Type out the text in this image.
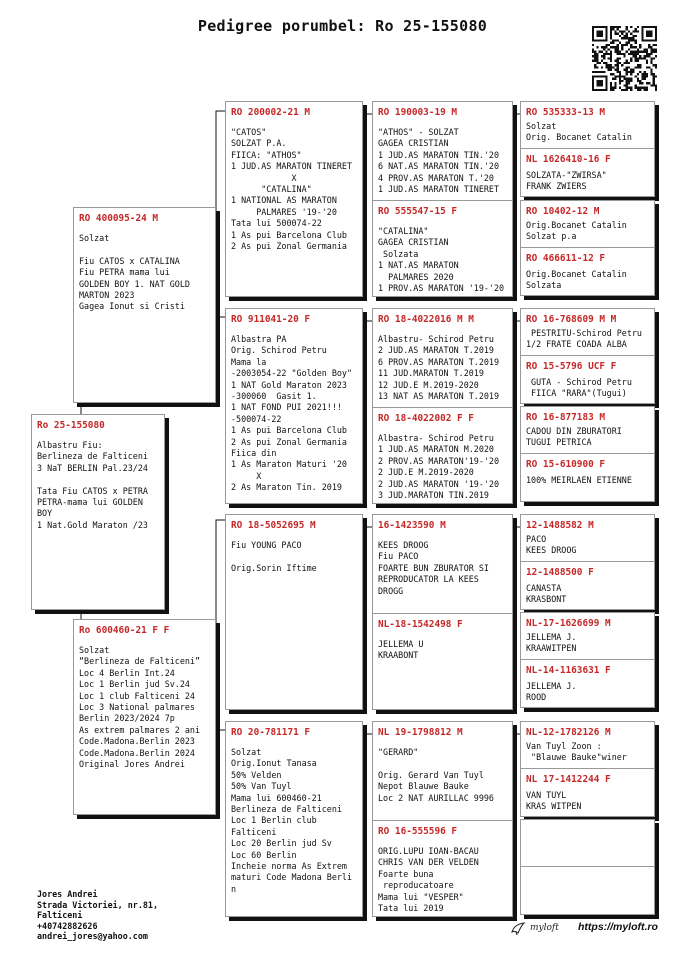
Pedigree porumbel: Ro 25-155080
Ro 25-155080
Albastru Fiu:
Berlineza de Falticeni
3 NaT BERLIN Pal.23/24

Tata Fiu CATOS x PETRA
PETRA-mama lui GOLDEN
BOY
1 Nat.Gold Maraton /23
RO 400095-24 M
Solzat

Fiu CATOS x CATALINA
Fiu PETRA mama lui
GOLDEN BOY 1. NAT GOLD
MARTON 2023
Gagea Ionut si Cristi
Ro 600460-21 F F
Solzat
“Berlineza de Falticeni”
Loc 4 Berlin Int.24
Loc 1 Berlin jud Sv.24
Loc 1 club Falticeni 24
Loc 3 National palmares
Berlin 2023/2024 7p
As extrem palmares 2 ani
Code.Madona.Berlin 2023
Code.Madona.Berlin 2024
Original Jores Andrei
RO 200002-21 M
"CATOS"
SOLZAT P.A.
FIICA: "ATHOS"
1 JUD.AS MARATON TINERET
X
"CATALINA"
1 NATIONAL AS MARATON
PALMARES '19-'20
Tata lui 500074-22
1 As pui Barcelona Club
2 As pui Zonal Germania
RO 911041-20 F
Albastra PA
Orig. Schirod Petru
Mama la
-2003054-22 "Golden Boy"
1 NAT Gold Maraton 2023
-300060  Gasit 1.
1 NAT FOND PUI 2021!!!
-500074-22
1 As pui Barcelona Club
2 As pui Zonal Germania
Fiica din
1 As Maraton Maturi '20
X
2 As Maraton Tin. 2019
RO 18-5052695 M
Fiu YOUNG PACO

Orig.Sorin Iftime
RO 20-781171 F
Solzat
Orig.Ionut Tanasa
50% Velden
50% Van Tuyl
Mama lui 600460-21
Berlineza de Falticeni
Loc 1 Berlin club
Falticeni
Loc 20 Berlin jud Sv
Loc 60 Berlin
Incheie norma As Extrem
maturi Code Madona Berli
n
RO 190003-19 M
"ATHOS" - SOLZAT
GAGEA CRISTIAN
1 JUD.AS MARATON TIN.'20
6 NAT.AS MARATON TIN.'20
4 PROV.AS MARATON T.'20
1 JUD.AS MARATON TINERET
RO 555547-15 F
"CATALINA"
GAGEA CRISTIAN
Solzata
1 NAT.AS MARATON
PALMARES 2020
1 PROV.AS MARATON '19-'20
RO 18-4022016 M M
Albastru- Schirod Petru
2 JUD.AS MARATON T.2019
6 PROV.AS MARATON T.2019
11 JUD.MARATON T.2019
12 JUD.E M.2019-2020
13 NAT AS MARATON T.2019
RO 18-4022002 F F
Albastra- Schirod Petru
1 JUD.AS MARATON M.2020
2 PROV.AS MARATON'19-'20
2 JUD.E M.2019-2020
2 JUD.AS MARATON '19-'20
3 JUD.MARATON TIN.2019
16-1423590 M
KEES DROOG
Fiu PACO
FOARTE BUN ZBURATOR SI
REPRODUCATOR LA KEES
DROGG
NL-18-1542498 F
JELLEMA U
KRAABONT
NL 19-1798812 M
"GERARD"

Orig. Gerard Van Tuyl
Nepot Blauwe Bauke
Loc 2 NAT AURILLAC 9996
RO 16-555596 F
ORIG.LUPU IOAN-BACAU
CHRIS VAN DER VELDEN
Foarte buna
reproducatoare
Mama lui "VESPER"
Tata lui 2019
RO 535333-13 M
Solzat
Orig. Bocanet Catalin
NL 1626410-16 F
SOLZATA-"ZWIRSA"
FRANK ZWIERS
RO 10402-12 M
Orig.Bocanet Catalin
Solzat p.a
RO 466611-12 F
Orig.Bocanet Catalin
Solzata
RO 16-768609 M M
PESTRITU-Schirod Petru
1/2 FRATE COADA ALBA
RO 15-5796 UCF F
GUTA - Schirod Petru
FIICA "RARA"(Tugui)
RO 16-877183 M
CADOU DIN ZBURATORI
TUGUI PETRICA
RO 15-610900 F
100% MEIRLAEN ETIENNE
12-1488582 M
PACO
KEES DROOG
12-1488500 F
CANASTA
KRASBONT
NL-17-1626699 M
JELLEMA J.
KRAAWITPEN
NL-14-1163631 F
JELLEMA J.
ROOD
NL-12-1782126 M
Van Tuyl Zoon :
"Blauwe Bauke"winer
NL 17-1412244 F
VAN TUYL
KRAS WITPEN
Jores Andrei
Strada Victoriei, nr.81,
Falticeni
+40742882626
andrei_jores@yahoo.com
myloft https://myloft.ro
